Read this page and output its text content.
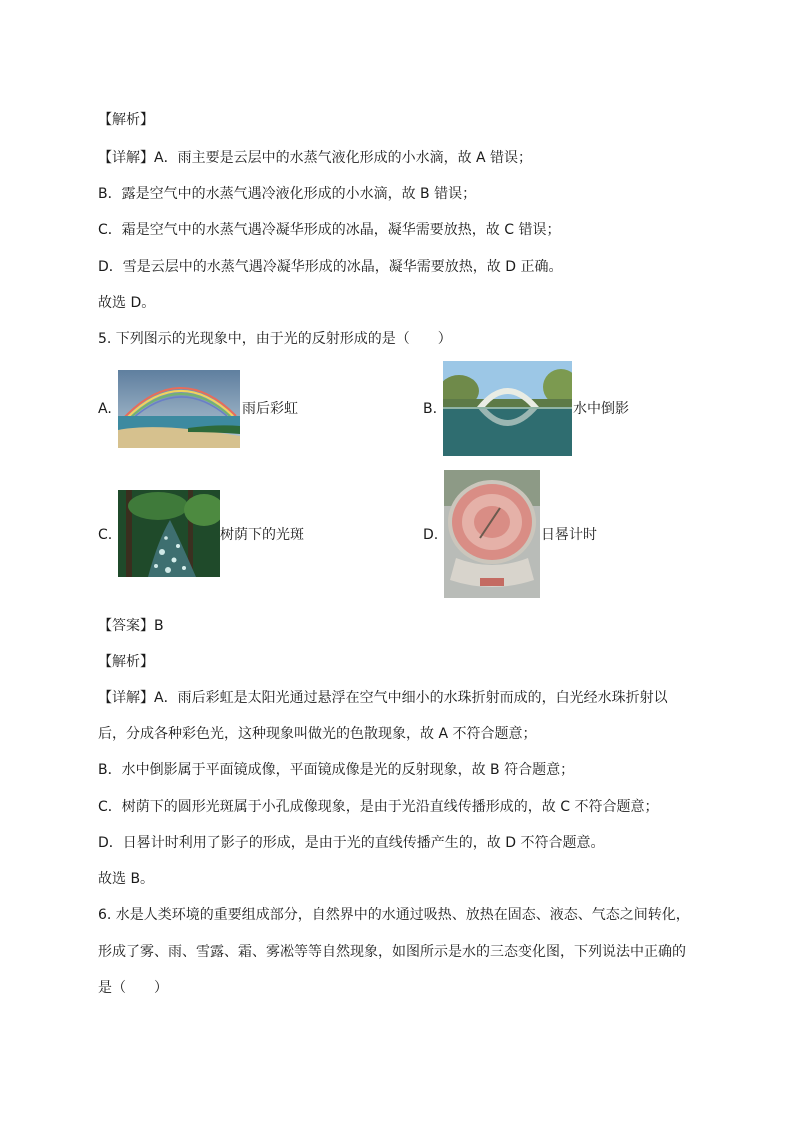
【解析】
【详解】A．雨主要是云层中的水蒸气液化形成的小水滴，故 A 错误；
B．露是空气中的水蒸气遇冷液化形成的小水滴，故 B 错误；
C．霜是空气中的水蒸气遇冷凝华形成的冰晶，凝华需要放热，故 C 错误；
D．雪是云层中的水蒸气遇冷凝华形成的冰晶，凝华需要放热，故 D 正确。
故选 D。
5. 下列图示的光现象中，由于光的反射形成的是（　　）
A.	雨后彩虹	B.	水中倒影
C.	树荫下的光斑	D.	日晷计时
【答案】B
【解析】
【详解】A．雨后彩虹是太阳光通过悬浮在空气中细小的水珠折射而成的，白光经水珠折射以
后，分成各种彩色光，这种现象叫做光的色散现象，故 A 不符合题意；
B．水中倒影属于平面镜成像，平面镜成像是光的反射现象，故 B 符合题意；
C．树荫下的圆形光斑属于小孔成像现象，是由于光沿直线传播形成的，故 C 不符合题意；
D．日晷计时利用了影子的形成，是由于光的直线传播产生的，故 D 不符合题意。
故选 B。
6. 水是人类环境的重要组成部分，自然界中的水通过吸热、放热在固态、液态、气态之间转化，
形成了雾、雨、雪露、霜、雾凇等等自然现象，如图所示是水的三态变化图，下列说法中正确的
是（　　）
